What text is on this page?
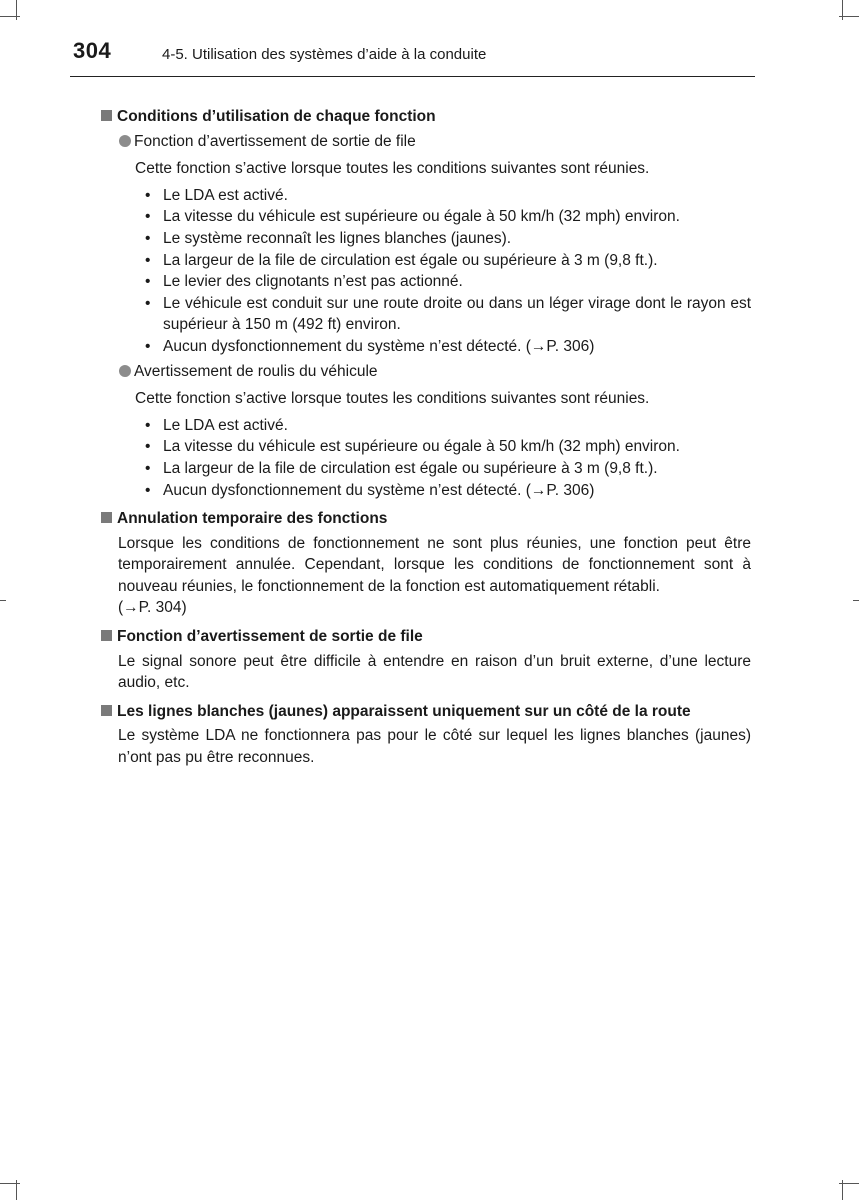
304	4-5. Utilisation des systèmes d’aide à la conduite
Conditions d’utilisation de chaque fonction
Fonction d’avertissement de sortie de file
Cette fonction s’active lorsque toutes les conditions suivantes sont réunies.
• Le LDA est activé.
• La vitesse du véhicule est supérieure ou égale à 50 km/h (32 mph) environ.
• Le système reconnaît les lignes blanches (jaunes).
• La largeur de la file de circulation est égale ou supérieure à 3 m (9,8 ft.).
• Le levier des clignotants n’est pas actionné.
• Le véhicule est conduit sur une route droite ou dans un léger virage dont le rayon est supérieur à 150 m (492 ft) environ.
• Aucun dysfonctionnement du système n’est détecté. (→P. 306)
Avertissement de roulis du véhicule
Cette fonction s’active lorsque toutes les conditions suivantes sont réunies.
• Le LDA est activé.
• La vitesse du véhicule est supérieure ou égale à 50 km/h (32 mph) environ.
• La largeur de la file de circulation est égale ou supérieure à 3 m (9,8 ft.).
• Aucun dysfonctionnement du système n’est détecté. (→P. 306)
Annulation temporaire des fonctions
Lorsque les conditions de fonctionnement ne sont plus réunies, une fonction peut être temporairement annulée. Cependant, lorsque les conditions de fonctionnement sont à nouveau réunies, le fonctionnement de la fonction est automatiquement rétabli.
(→P. 304)
Fonction d’avertissement de sortie de file
Le signal sonore peut être difficile à entendre en raison d’un bruit externe, d’une lecture audio, etc.
Les lignes blanches (jaunes) apparaissent uniquement sur un côté de la route
Le système LDA ne fonctionnera pas pour le côté sur lequel les lignes blanches (jaunes) n’ont pas pu être reconnues.
